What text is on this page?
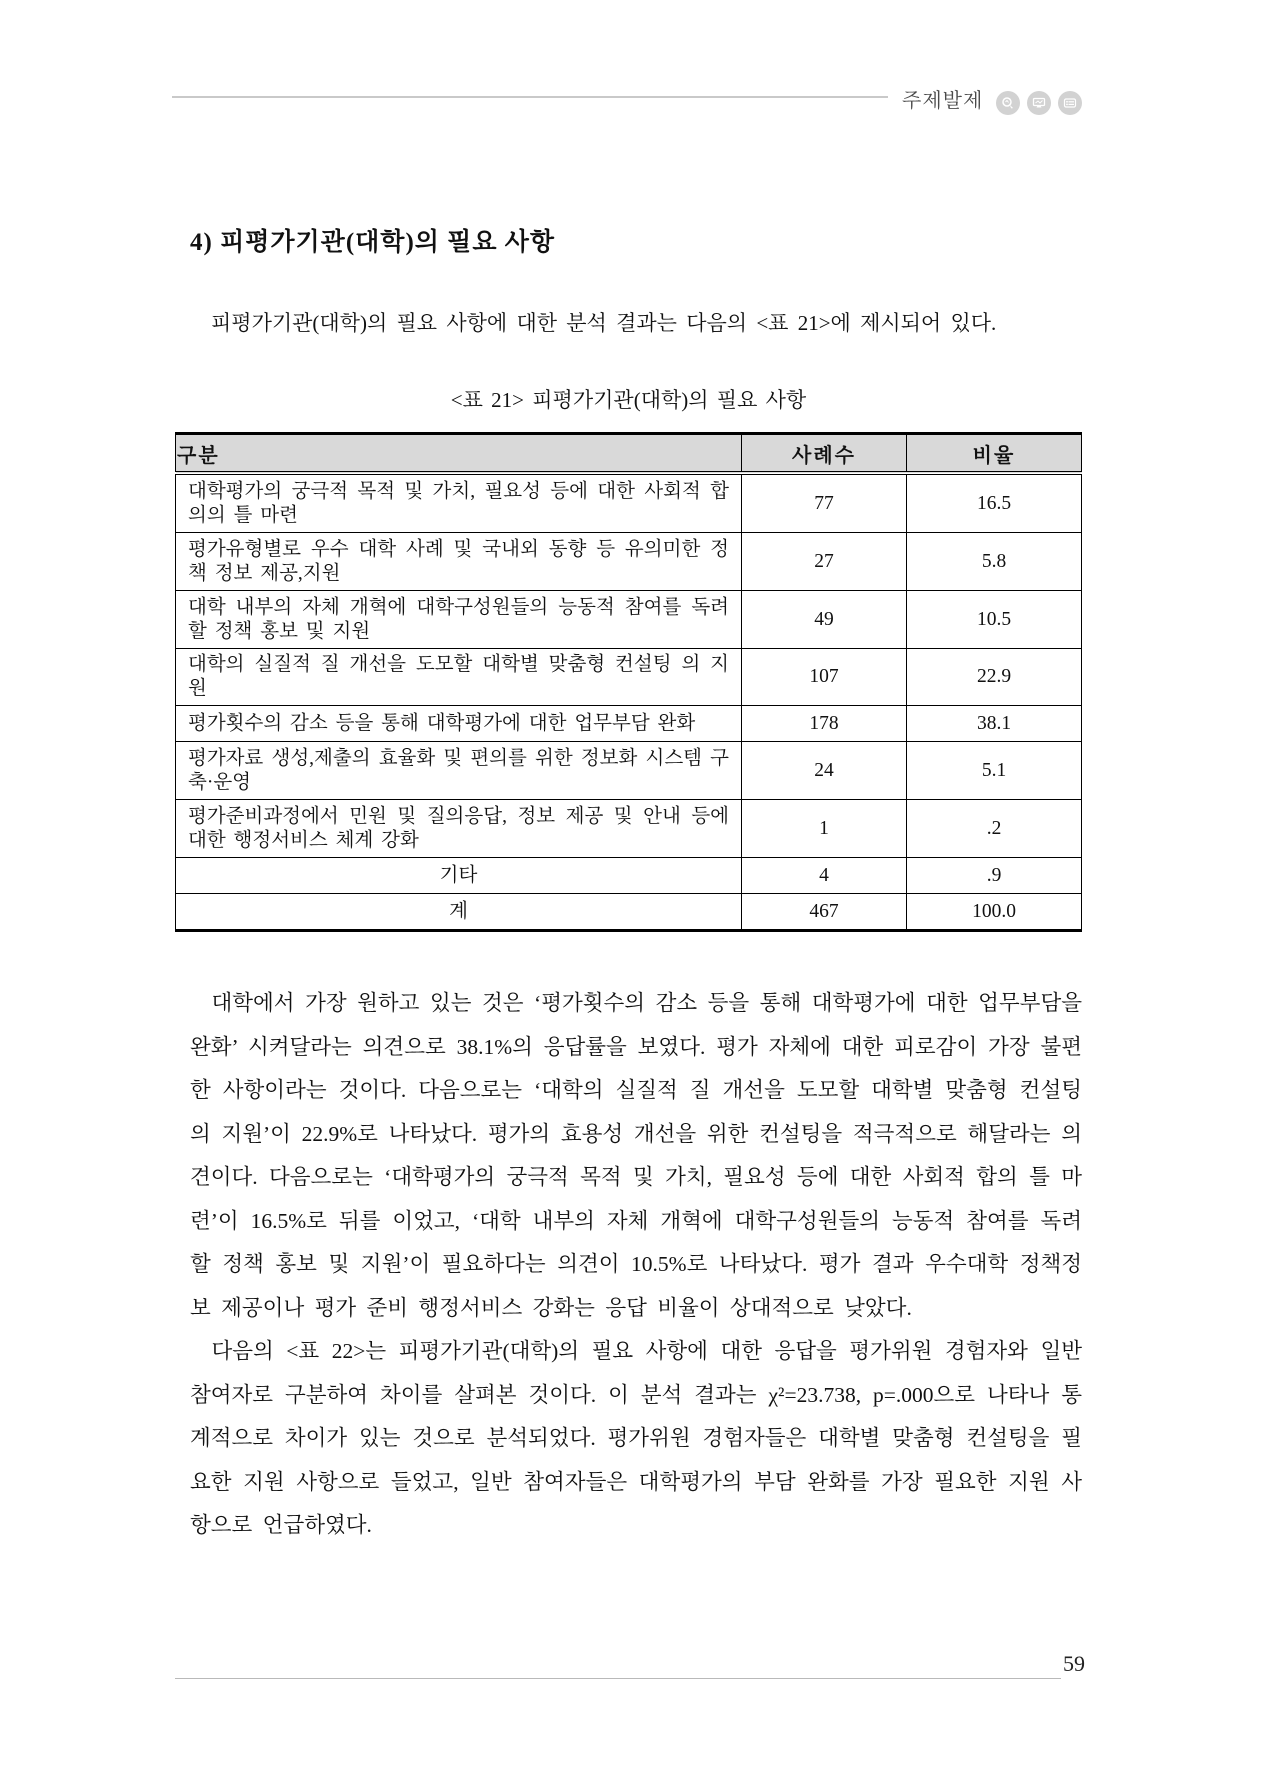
주제발제
4) 피평가기관(대학)의 필요 사항

피평가기관(대학)의 필요 사항에 대한 분석 결과는 다음의 <표 21>에 제시되어 있다.

<표 21> 피평가기관(대학)의 필요 사항
구분	사례수	비율
대학평가의 궁극적 목적 및 가치, 필요성 등에 대한 사회적 합의의 틀 마련	77	16.5
평가유형별로 우수 대학 사례 및 국내외 동향 등 유의미한 정책 정보 제공,지원	27	5.8
대학 내부의 자체 개혁에 대학구성원들의 능동적 참여를 독려할 정책 홍보 및 지원	49	10.5
대학의 실질적 질 개선을 도모할 대학별 맞춤형 컨설팅 의 지원	107	22.9
평가횟수의 감소 등을 통해 대학평가에 대한 업무부담 완화	178	38.1
평가자료 생성,제출의 효율화 및 편의를 위한 정보화 시스템 구축·운영	24	5.1
평가준비과정에서 민원 및 질의응답, 정보 제공 및 안내 등에 대한 행정서비스 체계 강화	1	.2
기타	4	.9
계	467	100.0

대학에서 가장 원하고 있는 것은 ‘평가횟수의 감소 등을 통해 대학평가에 대한 업무부담을 완화’ 시켜달라는 의견으로 38.1%의 응답률을 보였다. 평가 자체에 대한 피로감이 가장 불편한 사항이라는 것이다. 다음으로는 ‘대학의 실질적 질 개선을 도모할 대학별 맞춤형 컨설팅의 지원’이 22.9%로 나타났다. 평가의 효용성 개선을 위한 컨설팅을 적극적으로 해달라는 의견이다. 다음으로는 ‘대학평가의 궁극적 목적 및 가치, 필요성 등에 대한 사회적 합의 틀 마련’이 16.5%로 뒤를 이었고, ‘대학 내부의 자체 개혁에 대학구성원들의 능동적 참여를 독려할 정책 홍보 및 지원’이 필요하다는 의견이 10.5%로 나타났다. 평가 결과 우수대학 정책정보 제공이나 평가 준비 행정서비스 강화는 응답 비율이 상대적으로 낮았다.

다음의 <표 22>는 피평가기관(대학)의 필요 사항에 대한 응답을 평가위원 경험자와 일반 참여자로 구분하여 차이를 살펴본 것이다. 이 분석 결과는 χ²=23.738, p=.000으로 나타나 통계적으로 차이가 있는 것으로 분석되었다. 평가위원 경험자들은 대학별 맞춤형 컨설팅을 필요한 지원 사항으로 들었고, 일반 참여자들은 대학평가의 부담 완화를 가장 필요한 지원 사항으로 언급하였다.

59
